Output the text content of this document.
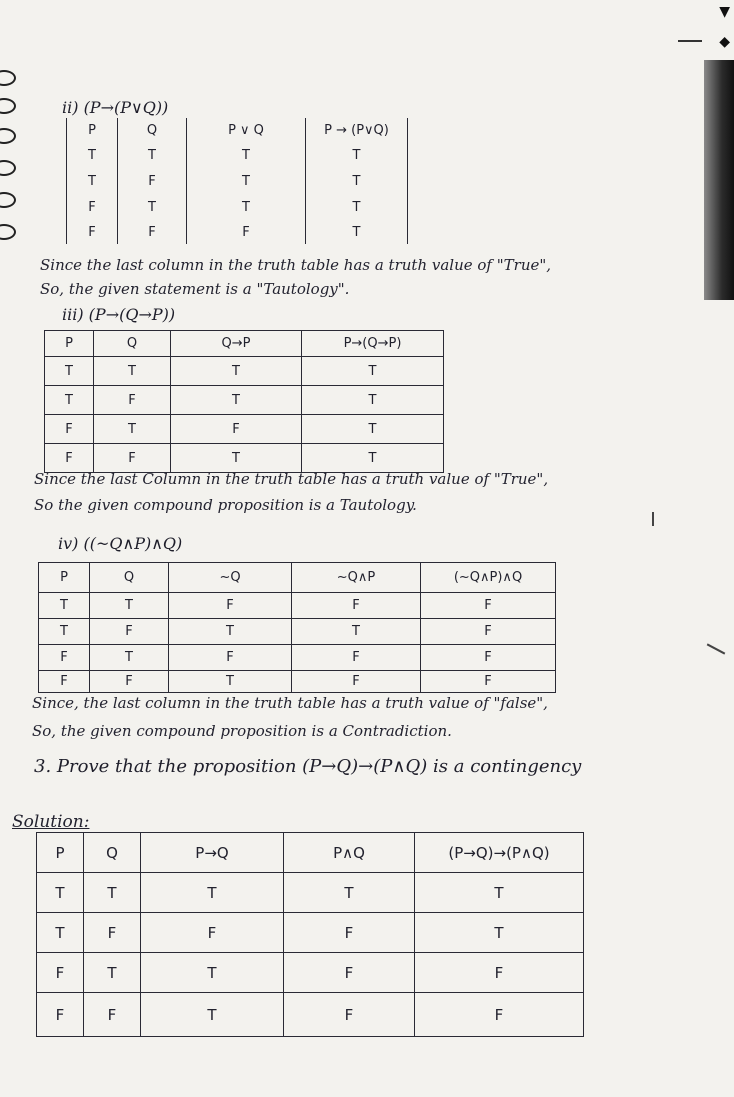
▼
◆
ii) (P→(P∨Q))
P	Q	P ∨ Q	P → (P∨Q)
T	T	T	T
T	F	T	T
F	T	T	T
F	F	F	T
Since the last column in the truth table has a truth value of "True",
So, the given statement is a "Tautology".
iii) (P→(Q→P))
P	Q	Q→P	P→(Q→P)
T	T	T	T
T	F	T	T
F	T	F	T
F	F	T	T
Since the last Column in the truth table has a truth value of "True",
So the given compound proposition is a Tautology.
iv) ((~Q∧P)∧Q)
P	Q	~Q	~Q∧P	(~Q∧P)∧Q
T	T	F	F	F
T	F	T	T	F
F	T	F	F	F
F	F	T	F	F
Since, the last column in the truth table has a truth value of "false",
So, the given compound proposition is a Contradiction.
3. Prove that the proposition (P→Q)→(P∧Q) is a contingency
Solution:
P	Q	P→Q	P∧Q	(P→Q)→(P∧Q)
T	T	T	T	T
T	F	F	F	T
F	T	T	F	F
F	F	T	F	F
